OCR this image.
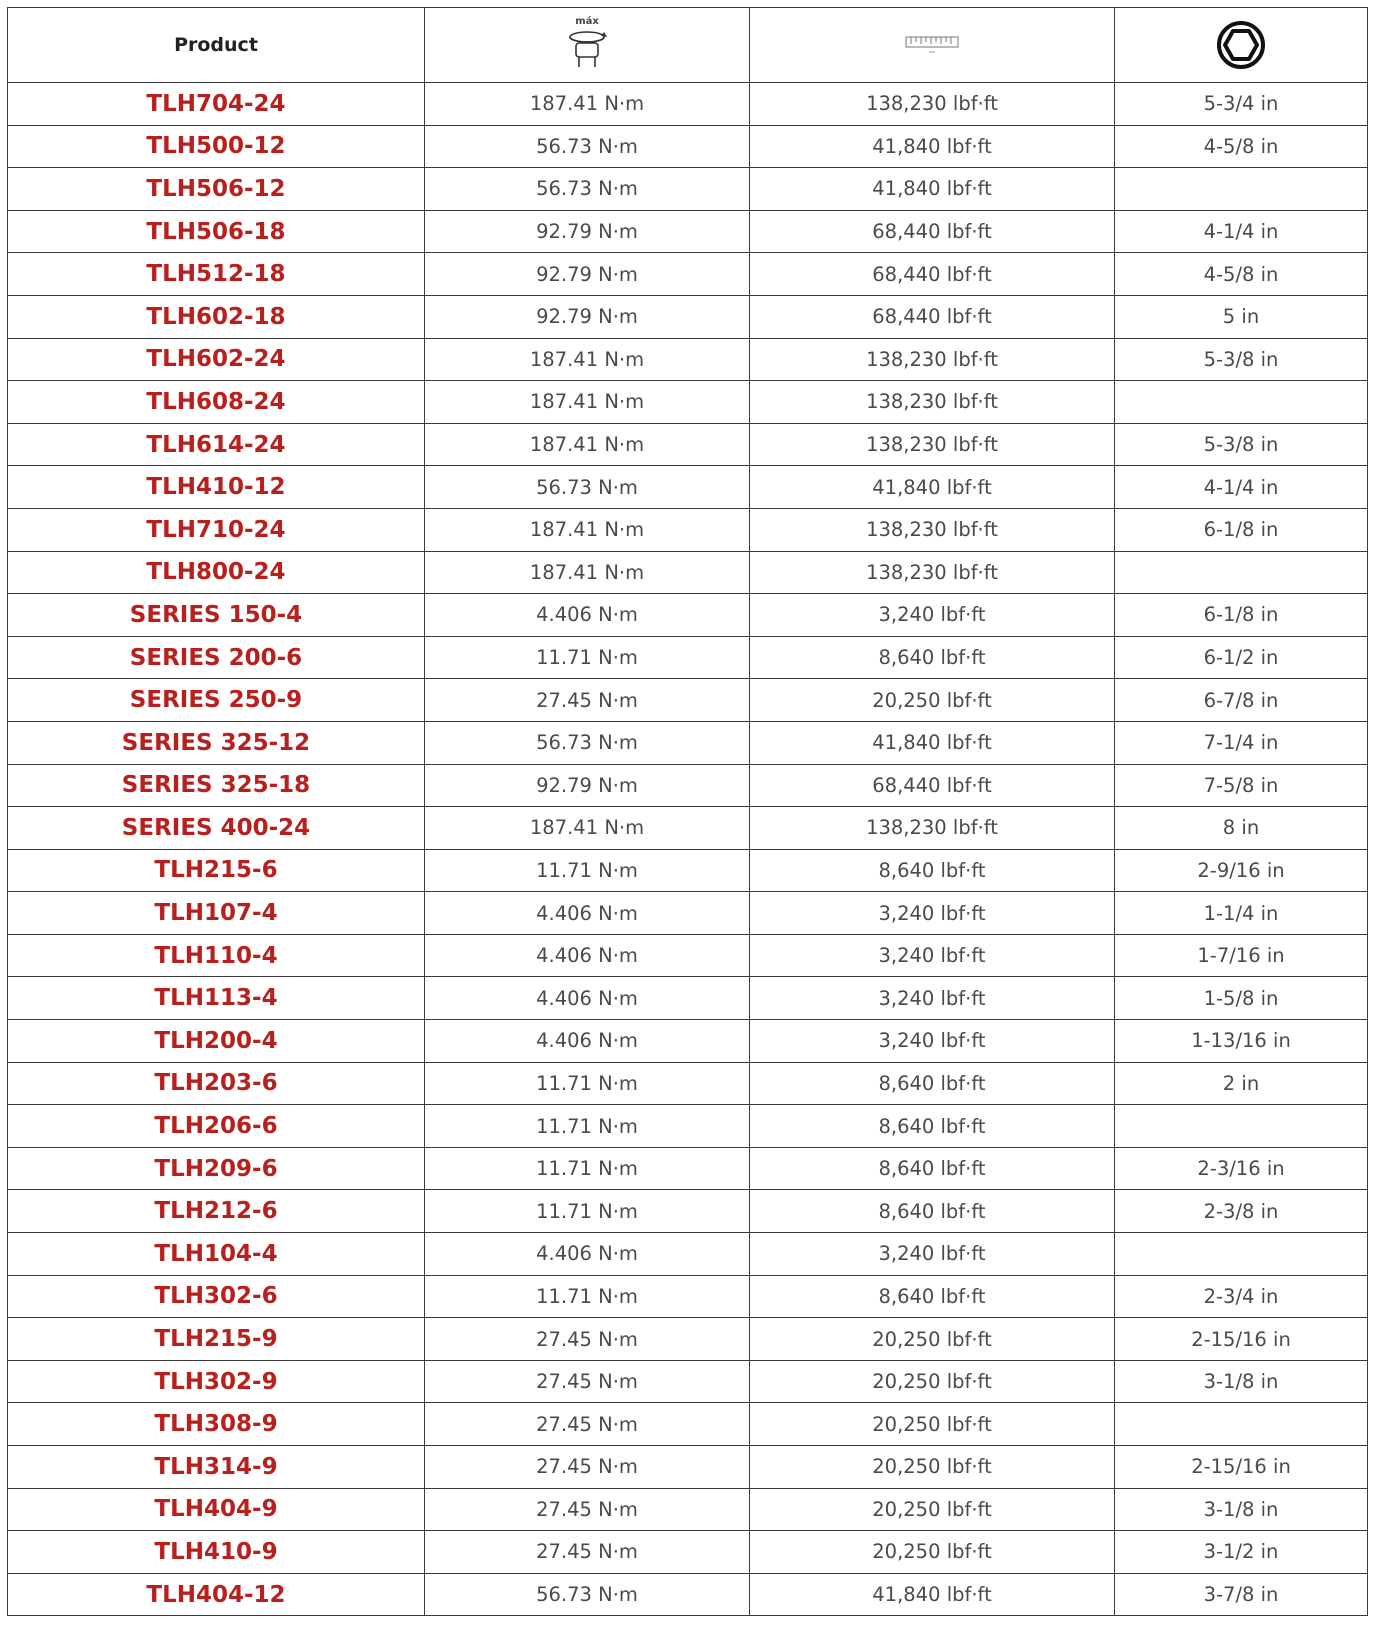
Product	máx

TLH704-24	187.41 N·m	138,230 lbf·ft	5-3/4 in
TLH500-12	56.73 N·m	41,840 lbf·ft	4-5/8 in
TLH506-12	56.73 N·m	41,840 lbf·ft	
TLH506-18	92.79 N·m	68,440 lbf·ft	4-1/4 in
TLH512-18	92.79 N·m	68,440 lbf·ft	4-5/8 in
TLH602-18	92.79 N·m	68,440 lbf·ft	5 in
TLH602-24	187.41 N·m	138,230 lbf·ft	5-3/8 in
TLH608-24	187.41 N·m	138,230 lbf·ft	
TLH614-24	187.41 N·m	138,230 lbf·ft	5-3/8 in
TLH410-12	56.73 N·m	41,840 lbf·ft	4-1/4 in
TLH710-24	187.41 N·m	138,230 lbf·ft	6-1/8 in
TLH800-24	187.41 N·m	138,230 lbf·ft	
SERIES 150-4	4.406 N·m	3,240 lbf·ft	6-1/8 in
SERIES 200-6	11.71 N·m	8,640 lbf·ft	6-1/2 in
SERIES 250-9	27.45 N·m	20,250 lbf·ft	6-7/8 in
SERIES 325-12	56.73 N·m	41,840 lbf·ft	7-1/4 in
SERIES 325-18	92.79 N·m	68,440 lbf·ft	7-5/8 in
SERIES 400-24	187.41 N·m	138,230 lbf·ft	8 in
TLH215-6	11.71 N·m	8,640 lbf·ft	2-9/16 in
TLH107-4	4.406 N·m	3,240 lbf·ft	1-1/4 in
TLH110-4	4.406 N·m	3,240 lbf·ft	1-7/16 in
TLH113-4	4.406 N·m	3,240 lbf·ft	1-5/8 in
TLH200-4	4.406 N·m	3,240 lbf·ft	1-13/16 in
TLH203-6	11.71 N·m	8,640 lbf·ft	2 in
TLH206-6	11.71 N·m	8,640 lbf·ft	
TLH209-6	11.71 N·m	8,640 lbf·ft	2-3/16 in
TLH212-6	11.71 N·m	8,640 lbf·ft	2-3/8 in
TLH104-4	4.406 N·m	3,240 lbf·ft	
TLH302-6	11.71 N·m	8,640 lbf·ft	2-3/4 in
TLH215-9	27.45 N·m	20,250 lbf·ft	2-15/16 in
TLH302-9	27.45 N·m	20,250 lbf·ft	3-1/8 in
TLH308-9	27.45 N·m	20,250 lbf·ft	
TLH314-9	27.45 N·m	20,250 lbf·ft	2-15/16 in
TLH404-9	27.45 N·m	20,250 lbf·ft	3-1/8 in
TLH410-9	27.45 N·m	20,250 lbf·ft	3-1/2 in
TLH404-12	56.73 N·m	41,840 lbf·ft	3-7/8 in
